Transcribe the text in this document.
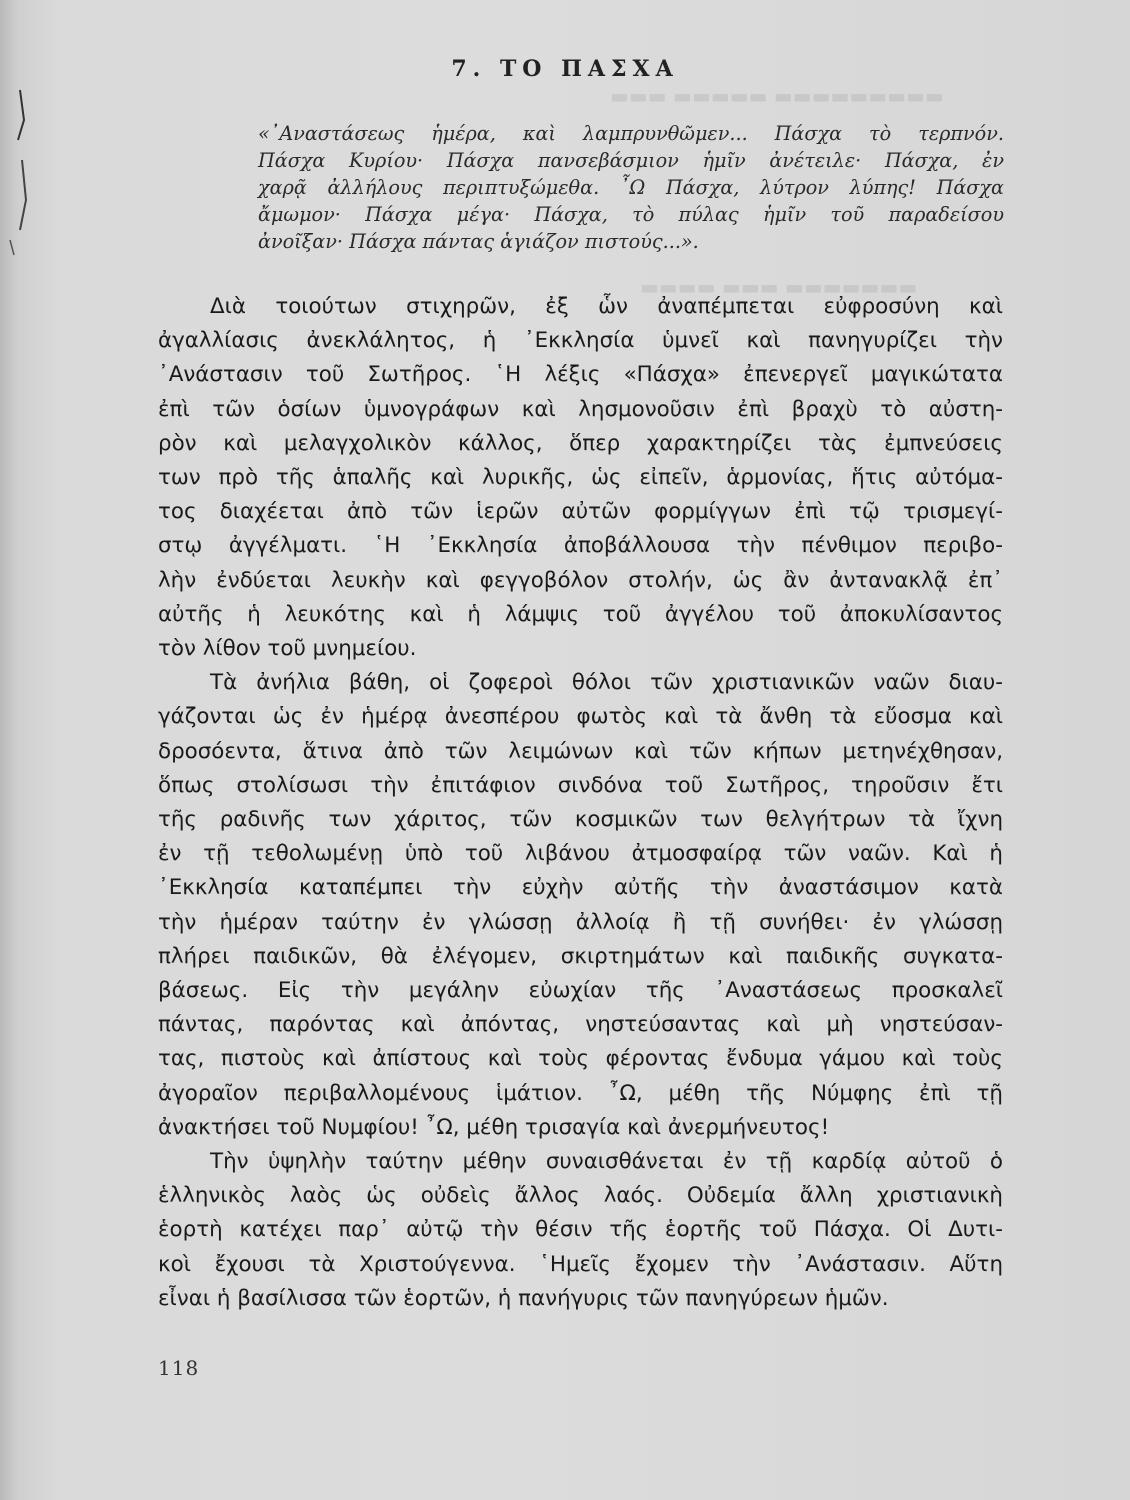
▬▬▬ ▬▬▬▬▬ ▬▬▬▬▬▬▬▬▬
▬▬▬▬ ▬▬▬ ▬▬▬▬▬▬▬
7. ΤΟ ΠΑΣΧΑ
«᾿Αναστάσεως ἡμέρα, καὶ λαμπρυνθῶμεν... Πάσχα τὸ τερπνόν.
Πάσχα Κυρίου· Πάσχα πανσεβάσμιον ἡμῖν ἀνέτειλε· Πάσχα, ἐν
χαρᾷ ἀλλήλους περιπτυξώμεθα. ῏Ω Πάσχα, λύτρον λύπης! Πάσχα
ἄμωμον· Πάσχα μέγα· Πάσχα, τὸ πύλας ἡμῖν τοῦ παραδείσου
ἀνοῖξαν· Πάσχα πάντας ἁγιάζον πιστούς...».
Διὰ τοιούτων στιχηρῶν, ἐξ ὧν ἀναπέμπεται εὐφροσύνη καὶ
ἀγαλλίασις ἀνεκλάλητος, ἡ ᾿Εκκλησία ὑμνεῖ καὶ πανηγυρίζει τὴν
᾿Ανάστασιν τοῦ Σωτῆρος. ῾Η λέξις «Πάσχα» ἐπενεργεῖ μαγικώτατα
ἐπὶ τῶν ὁσίων ὑμνογράφων καὶ λησμονοῦσιν ἐπὶ βραχὺ τὸ αὐστη-
ρὸν καὶ μελαγχολικὸν κάλλος, ὅπερ χαρακτηρίζει τὰς ἐμπνεύσεις
των πρὸ τῆς ἁπαλῆς καὶ λυρικῆς, ὡς εἰπεῖν, ἁρμονίας, ἥτις αὐτόμα-
τος διαχέεται ἀπὸ τῶν ἱερῶν αὐτῶν φορμίγγων ἐπὶ τῷ τρισμεγί-
στῳ ἀγγέλματι. ῾Η ᾿Εκκλησία ἀποβάλλουσα τὴν πένθιμον περιβο-
λὴν ἐνδύεται λευκὴν καὶ φεγγοβόλον στολήν, ὡς ἂν ἀντανακλᾷ ἐπ᾿
αὐτῆς ἡ λευκότης καὶ ἡ λάμψις τοῦ ἀγγέλου τοῦ ἀποκυλίσαντος
τὸν λίθον τοῦ μνημείου.
Τὰ ἀνήλια βάθη, οἱ ζοφεροὶ θόλοι τῶν χριστιανικῶν ναῶν διαυ-
γάζονται ὡς ἐν ἡμέρᾳ ἀνεσπέρου φωτὸς καὶ τὰ ἄνθη τὰ εὔοσμα καὶ
δροσόεντα, ἅτινα ἀπὸ τῶν λειμώνων καὶ τῶν κήπων μετηνέχθησαν,
ὅπως στολίσωσι τὴν ἐπιτάφιον σινδόνα τοῦ Σωτῆρος, τηροῦσιν ἔτι
τῆς ραδινῆς των χάριτος, τῶν κοσμικῶν των θελγήτρων τὰ ἴχνη
ἐν τῇ τεθολωμένῃ ὑπὸ τοῦ λιβάνου ἀτμοσφαίρᾳ τῶν ναῶν. Καὶ ἡ
᾿Εκκλησία καταπέμπει τὴν εὐχὴν αὐτῆς τὴν ἀναστάσιμον κατὰ
τὴν ἡμέραν ταύτην ἐν γλώσσῃ ἀλλοίᾳ ἢ τῇ συνήθει· ἐν γλώσσῃ
πλήρει παιδικῶν, θὰ ἐλέγομεν, σκιρτημάτων καὶ παιδικῆς συγκατα-
βάσεως. Εἰς τὴν μεγάλην εὐωχίαν τῆς ᾿Αναστάσεως προσκαλεῖ
πάντας, παρόντας καὶ ἀπόντας, νηστεύσαντας καὶ μὴ νηστεύσαν-
τας, πιστοὺς καὶ ἀπίστους καὶ τοὺς φέροντας ἔνδυμα γάμου καὶ τοὺς
ἀγοραῖον περιβαλλομένους ἱμάτιον. ῏Ω, μέθη τῆς Νύμφης ἐπὶ τῇ
ἀνακτήσει τοῦ Νυμφίου! ῏Ω, μέθη τρισαγία καὶ ἀνερμήνευτος!
Τὴν ὑψηλὴν ταύτην μέθην συναισθάνεται ἐν τῇ καρδίᾳ αὐτοῦ ὁ
ἑλληνικὸς λαὸς ὡς οὐδεὶς ἄλλος λαός. Οὐδεμία ἄλλη χριστιανικὴ
ἑορτὴ κατέχει παρ᾿ αὐτῷ τὴν θέσιν τῆς ἑορτῆς τοῦ Πάσχα. Οἱ Δυτι-
κοὶ ἔχουσι τὰ Χριστούγεννα. ῾Ημεῖς ἔχομεν τὴν ᾿Ανάστασιν. Αὕτη
εἶναι ἡ βασίλισσα τῶν ἑορτῶν, ἡ πανήγυρις τῶν πανηγύρεων ἡμῶν.
118
